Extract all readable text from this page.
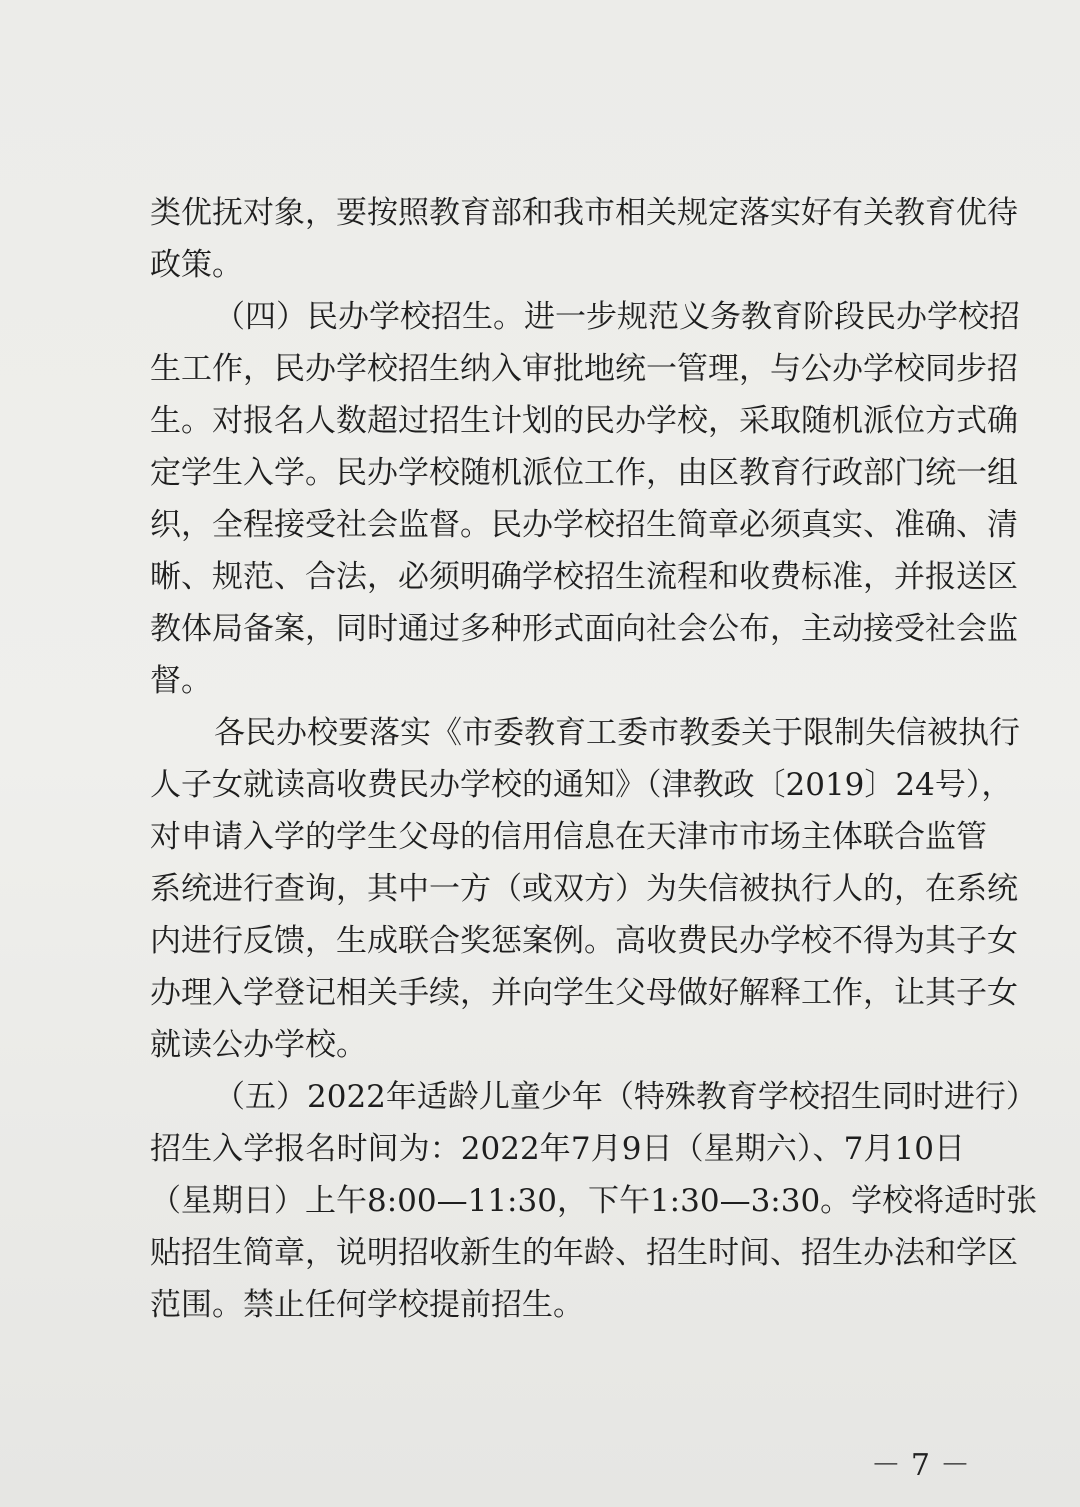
类优抚对象，要按照教育部和我市相关规定落实好有关教育优待
政策。
（四）民办学校招生。进一步规范义务教育阶段民办学校招
生工作，民办学校招生纳入审批地统一管理，与公办学校同步招
生。对报名人数超过招生计划的民办学校，采取随机派位方式确
定学生入学。民办学校随机派位工作，由区教育行政部门统一组
织，全程接受社会监督。民办学校招生简章必须真实、准确、清
晰、规范、合法，必须明确学校招生流程和收费标准，并报送区
教体局备案，同时通过多种形式面向社会公布，主动接受社会监
督。
各民办校要落实《市委教育工委市教委关于限制失信被执行
人子女就读高收费民办学校的通知》（津教政〔2019〕24号），
对申请入学的学生父母的信用信息在天津市市场主体联合监管
系统进行查询，其中一方（或双方）为失信被执行人的，在系统
内进行反馈，生成联合奖惩案例。高收费民办学校不得为其子女
办理入学登记相关手续，并向学生父母做好解释工作，让其子女
就读公办学校。
（五）2022年适龄儿童少年（特殊教育学校招生同时进行）
招生入学报名时间为：2022年7月9日（星期六）、7月10日
（星期日）上午8:00—11:30，下午1:30—3:30。学校将适时张
贴招生简章，说明招收新生的年龄、招生时间、招生办法和学区
范围。禁止任何学校提前招生。
－7－
